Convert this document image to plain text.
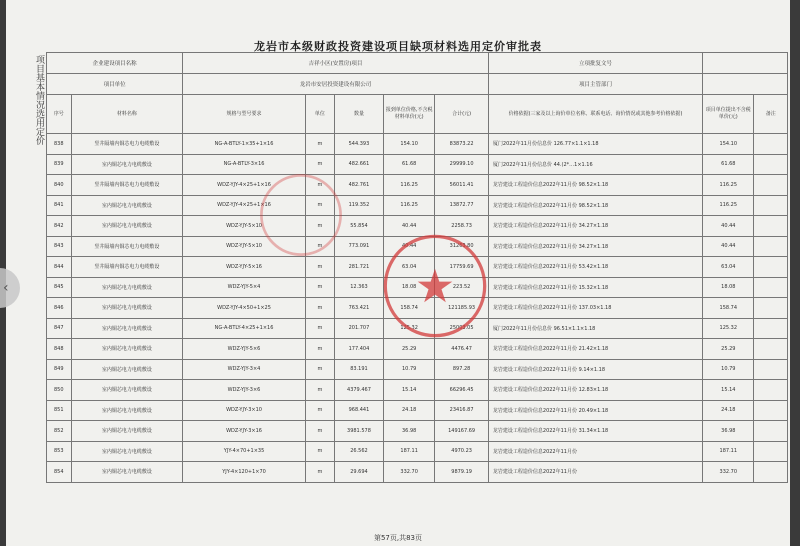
龙岩市本级财政投资建设项目缺项材料选用定价审批表
项目基本情况选用定价	企业建设项目名称		吉祥小区(安置房)项目					立项批复文号		
项目单位		龙岩市安居投资建设有限公司					项目主管部门		
序号	材料名称	规格与型号要求	单位	数量	报到单位价格,不含税材料单价(元)	合计(元)	价格依据(三家及以上询价单位名称、联系电话、询价情况或其他参考价格依据)	项目单位提出不含税单价(元)	备注
838	竖井隔墙内铜芯电力电缆敷设	NG-A-BTLY-1×35+1×16	m	544.393	154.10	83873.22	厦门2022年11月份信息价 126.77×1.1×1.18	154.10	
839	室内铜芯电力电缆敷设	NG-A-BTLY-3×16	m	482.661	61.68	29999.10	厦门2022年11月份信息价 44.(2*…1×1.16	61.68	
840	竖井隔墙内铜芯电力电缆敷设	WDZ-YJY-4×25+1×16	m	482.761	116.25	56011.41	龙岩建设工程造价信息2022年11月份 98.52×1.18	116.25	
841	室内铜芯电力电缆敷设	WDZ-YJY-4×25+1×16	m	119.352	116.25	13872.77	龙岩建设工程造价信息2022年11月份 98.52×1.18	116.25	
842	室内铜芯电力电缆敷设	WDZ-YJY-5×10	m	55.854	40.44	2258.73	龙岩建设工程造价信息2022年11月份 34.27×1.18	40.44	
843	竖井隔墙内铜芯电力电缆敷设	WDZ-YJY-5×10	m	773.091	40.44	31263.80	龙岩建设工程造价信息2022年11月份 34.27×1.18	40.44	
844	竖井隔墙内铜芯电力电缆敷设	WDZ-YJY-5×16	m	281.721	63.04	17759.69	龙岩建设工程造价信息2022年11月份 53.42×1.18	63.04	
845	室内铜芯电力电缆敷设	WDZ-YJY-5×4	m	12.363	18.08	223.52	龙岩建设工程造价信息2022年11月份 15.32×1.18	18.08	
846	室内铜芯电力电缆敷设	WDZ-YJY-4×50+1×25	m	763.421	158.74	121185.93	龙岩建设工程造价信息2022年11月份 137.03×1.18	158.74	
847	室内铜芯电力电缆敷设	NG-A-BTLY-4×25+1×16	m	201.707	125.32	25003.05	厦门2022年11月份信息价 96.51×1.1×1.18	125.32	
848	室内铜芯电力电缆敷设	WDZ-YJY-5×6	m	177.404	25.29	4476.47	龙岩建设工程造价信息2022年11月份 21.42×1.18	25.29	
849	室内铜芯电力电缆敷设	WDZ-YJY-3×4	m	83.191	10.79	897.28	龙岩建设工程造价信息2022年11月份 9.14×1.18	10.79	
850	室内铜芯电力电缆敷设	WDZ-YJY-3×6	m	4379.467	15.14	66296.45	龙岩建设工程造价信息2022年11月份 12.83×1.18	15.14	
851	室内铜芯电力电缆敷设	WDZ-YJY-3×10	m	968.441	24.18	23416.87	龙岩建设工程造价信息2022年11月份 20.49×1.18	24.18	
852	室内铜芯电力电缆敷设	WDZ-YJY-3×16	m	3981.578	36.98	149167.69	龙岩建设工程造价信息2022年11月份 31.34×1.18	36.98	
853	室内铜芯电力电缆敷设	YJY-4×70+1×35	m	26.562	187.11	4970.23	龙岩建设工程造价信息2022年11月份	187.11	
854	室内铜芯电力电缆敷设	YJY-4×120+1×70	m	29.694	332.70	9879.19	龙岩建设工程造价信息2022年11月份	332.70	
第57页,共83页
‹
